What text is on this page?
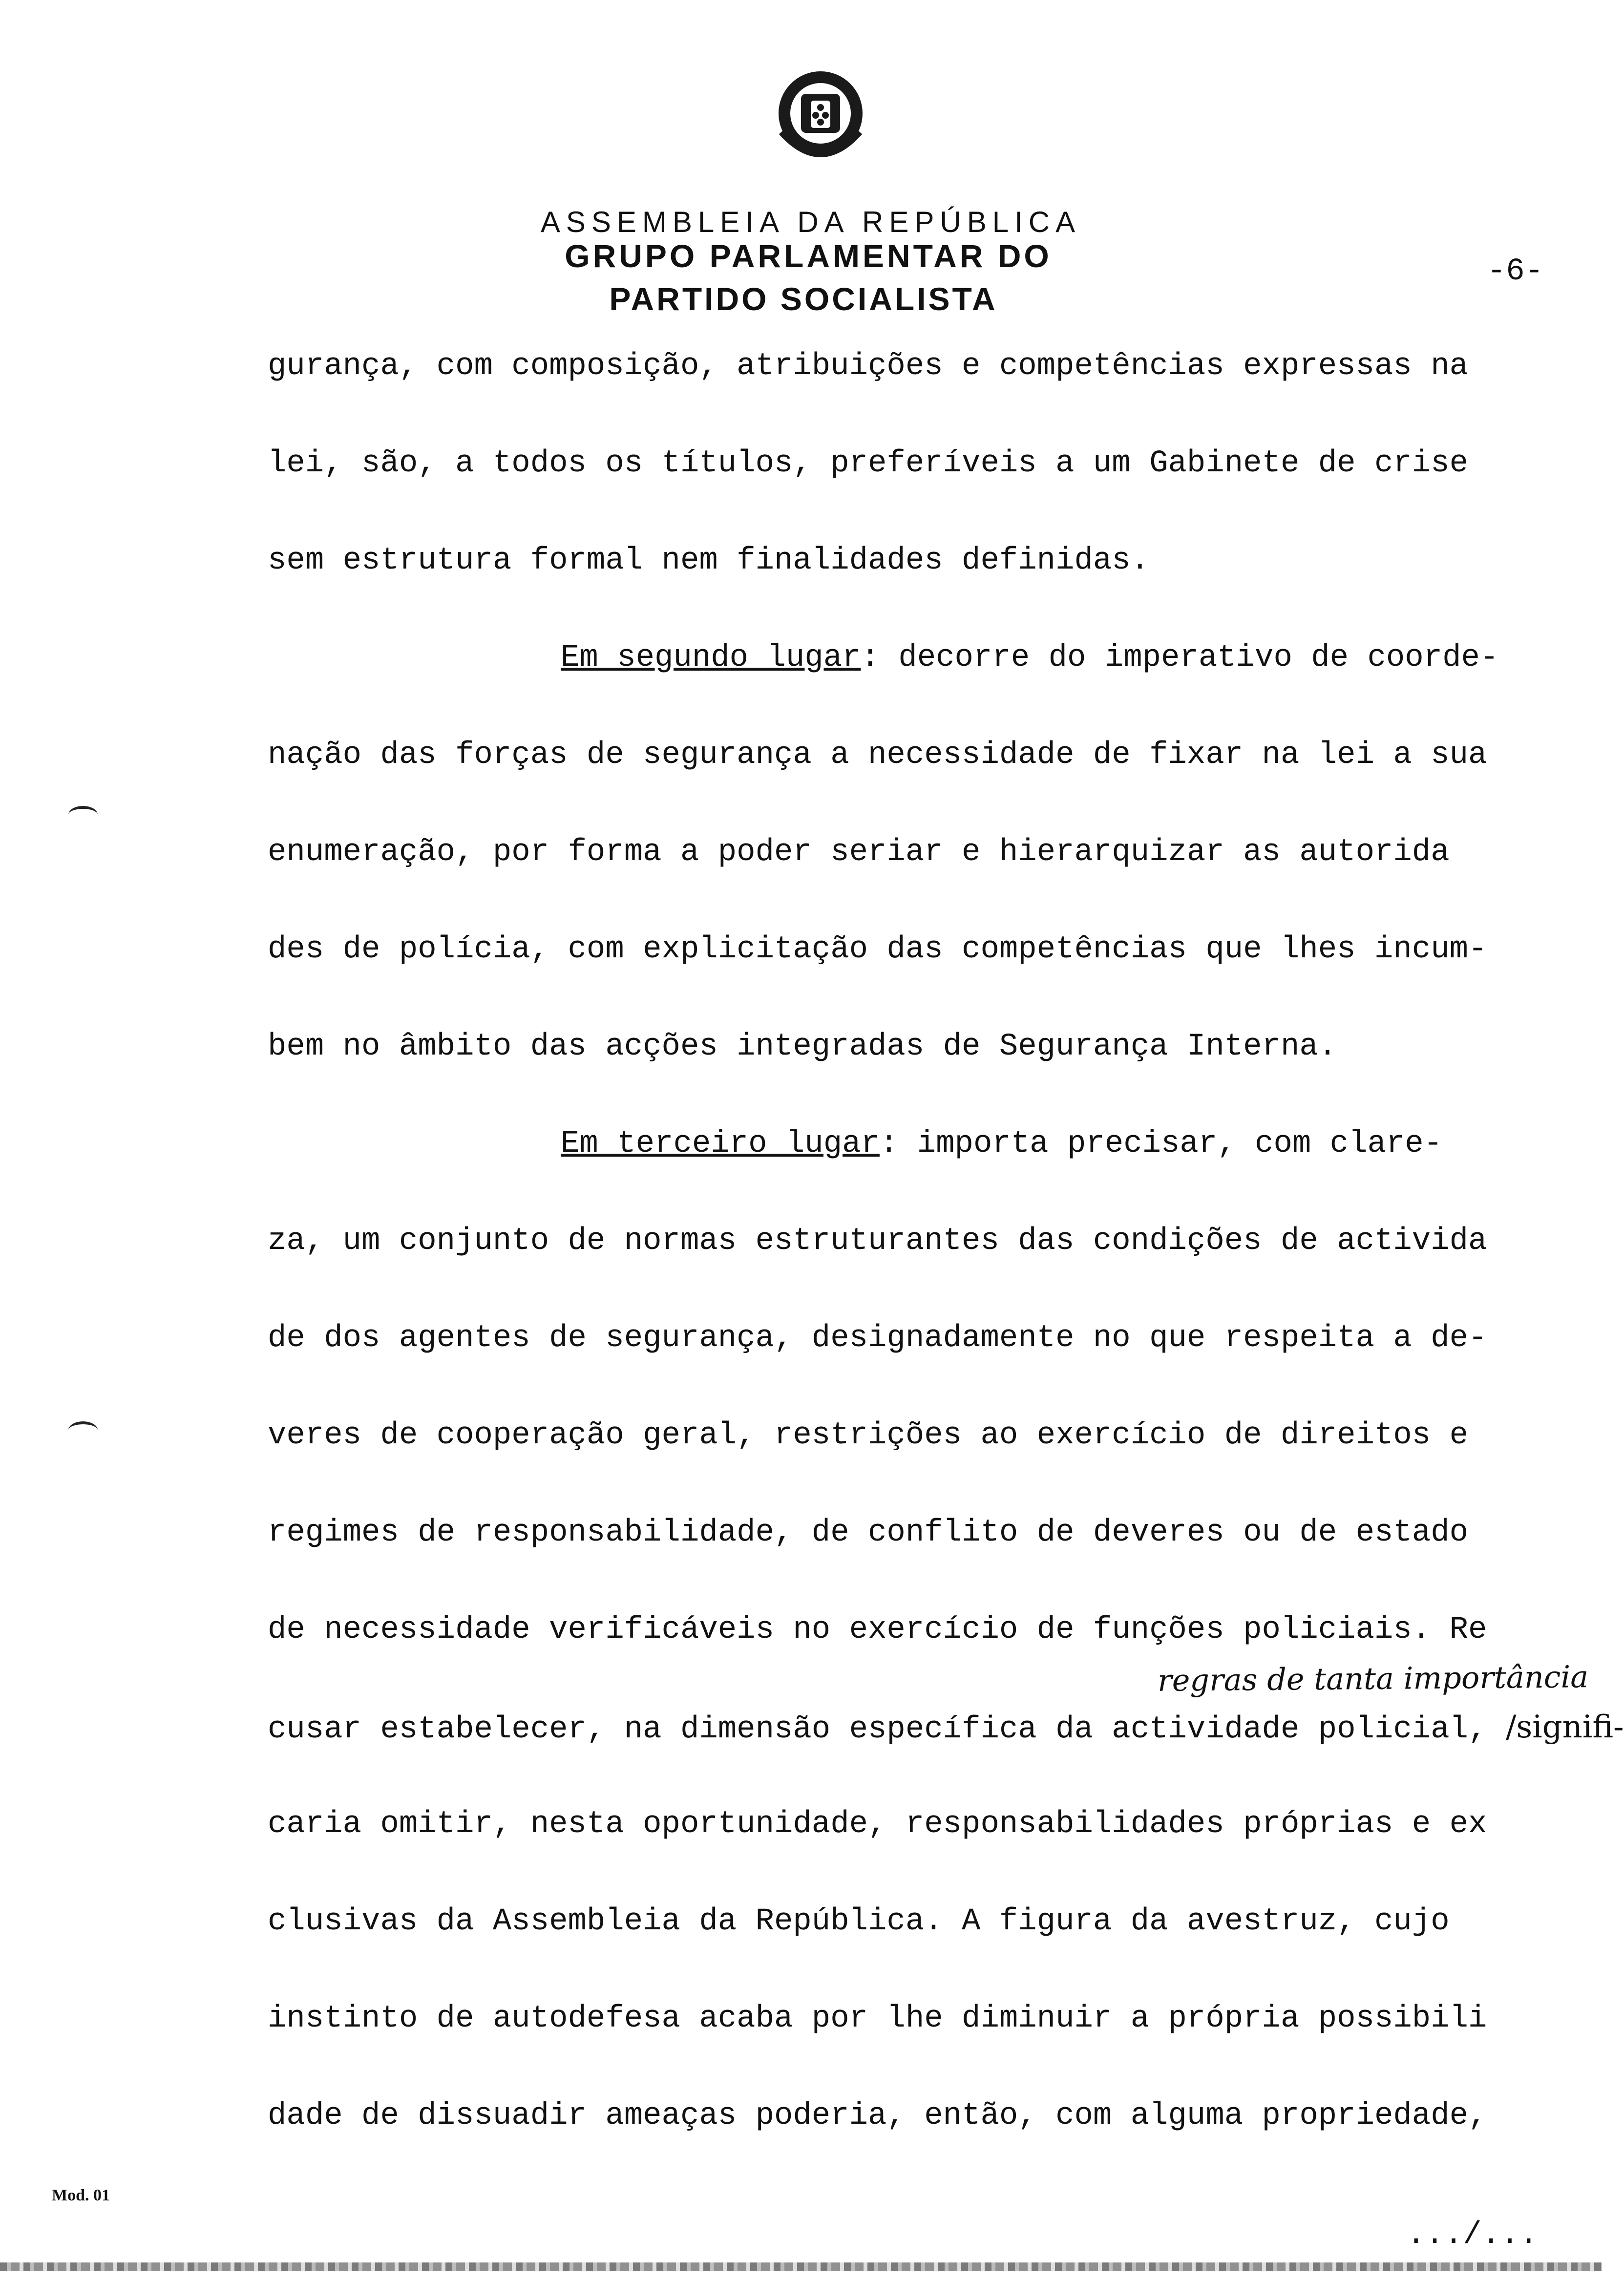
ASSEMBLEIA DA REPÚBLICA
GRUPO PARLAMENTAR DO
PARTIDO SOCIALISTA
-6-
gurança, com composição, atribuições e competências expressas na
lei, são, a todos os títulos, preferíveis a um Gabinete de crise
sem estrutura formal nem finalidades definidas.
Em segundo lugar: decorre do imperativo de coorde-
nação das forças de segurança a necessidade de fixar na lei a sua
enumeração, por forma a poder seriar e hierarquizar as autorida
des de polícia, com explicitação das competências que lhes incum-
bem no âmbito das acções integradas de Segurança Interna.
Em terceiro lugar: importa precisar, com clare-
za, um conjunto de normas estruturantes das condições de activida
de dos agentes de segurança, designadamente no que respeita a de-
veres de cooperação geral, restrições ao exercício de direitos e
regimes de responsabilidade, de conflito de deveres ou de estado
de necessidade verificáveis no exercício de funções policiais. Re
cusar estabelecer, na dimensão específica da actividade policial, /signifi-
caria omitir, nesta oportunidade, responsabilidades próprias e ex
clusivas da Assembleia da República. A figura da avestruz, cujo
instinto de autodefesa acaba por lhe diminuir a própria possibili
dade de dissuadir ameaças poderia, então, com alguma propriedade,
regras de tanta importância
Mod. 01
.../...
